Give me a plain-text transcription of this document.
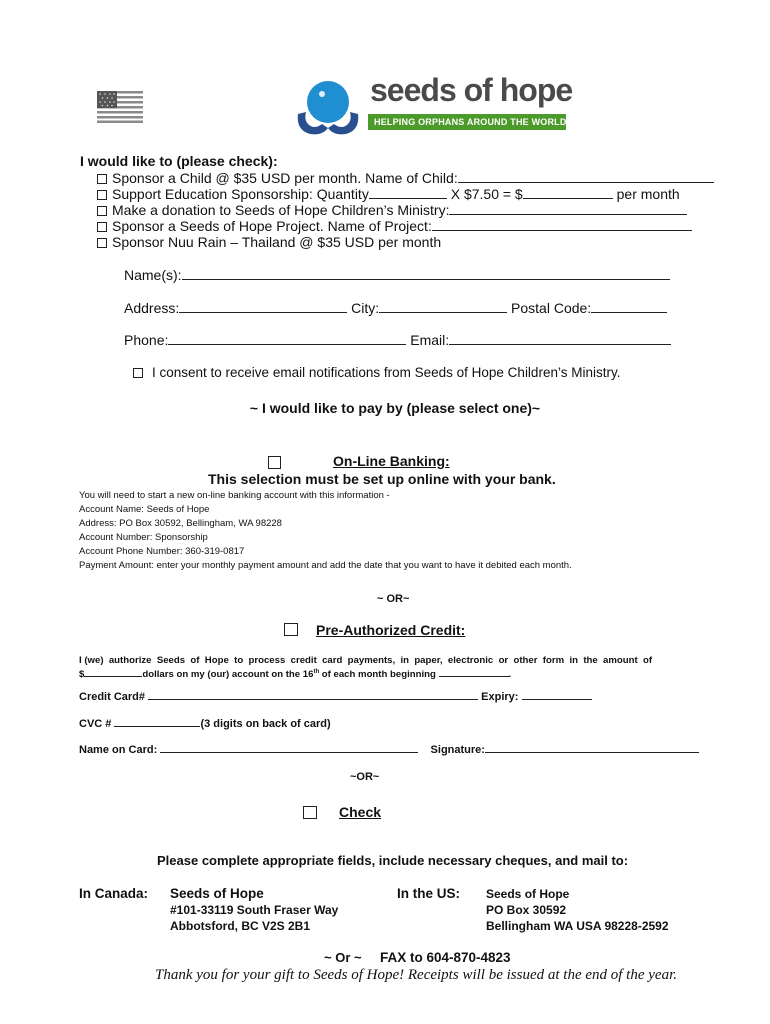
seeds of hope
HELPING ORPHANS AROUND THE WORLD
I would like to (please check):
Sponsor a Child @ $35 USD per month. Name of Child:
Support Education Sponsorship: Quantity	X $7.50 = $	per month
Make a donation to Seeds of Hope Children’s Ministry:
Sponsor a Seeds of Hope Project. Name of Project:
Sponsor Nuu Rain – Thailand @ $35 USD per month
Name(s):
Address:	City:	Postal Code:
Phone:	Email:
I consent to receive email notifications from Seeds of Hope Children’s Ministry.
~ I would like to pay by (please select one)~
On-Line Banking:
This selection must be set up online with your bank.
You will need to start a new on-line banking account with this information -
Account Name: Seeds of Hope
Address: PO Box 30592, Bellingham, WA 98228
Account Number: Sponsorship
Account Phone Number: 360-319-0817
Payment Amount: enter your monthly payment amount and add the date that you want to have it debited each month.
~ OR~
Pre-Authorized Credit:
I (we)  authorize  Seeds  of  Hope  to  process  credit  card  payments,  in  paper,  electronic  or  other  form  in  the  amount  of
$	dollars on my (our) account on the 16th of each month beginning	.
Credit Card#	Expiry:
CVC #	(3 digits on back of card)
Name on Card:	Signature:
~OR~
Check
Please complete appropriate fields, include necessary cheques, and mail to:
In Canada: Seeds of Hope
#101-33119 South Fraser Way
Abbotsford, BC V2S 2B1
In the US: Seeds of Hope
PO Box 30592
Bellingham WA USA 98228-2592
~ Or ~ FAX to 604-870-4823
Thank you for your gift to Seeds of Hope! Receipts will be issued at the end of the year.
